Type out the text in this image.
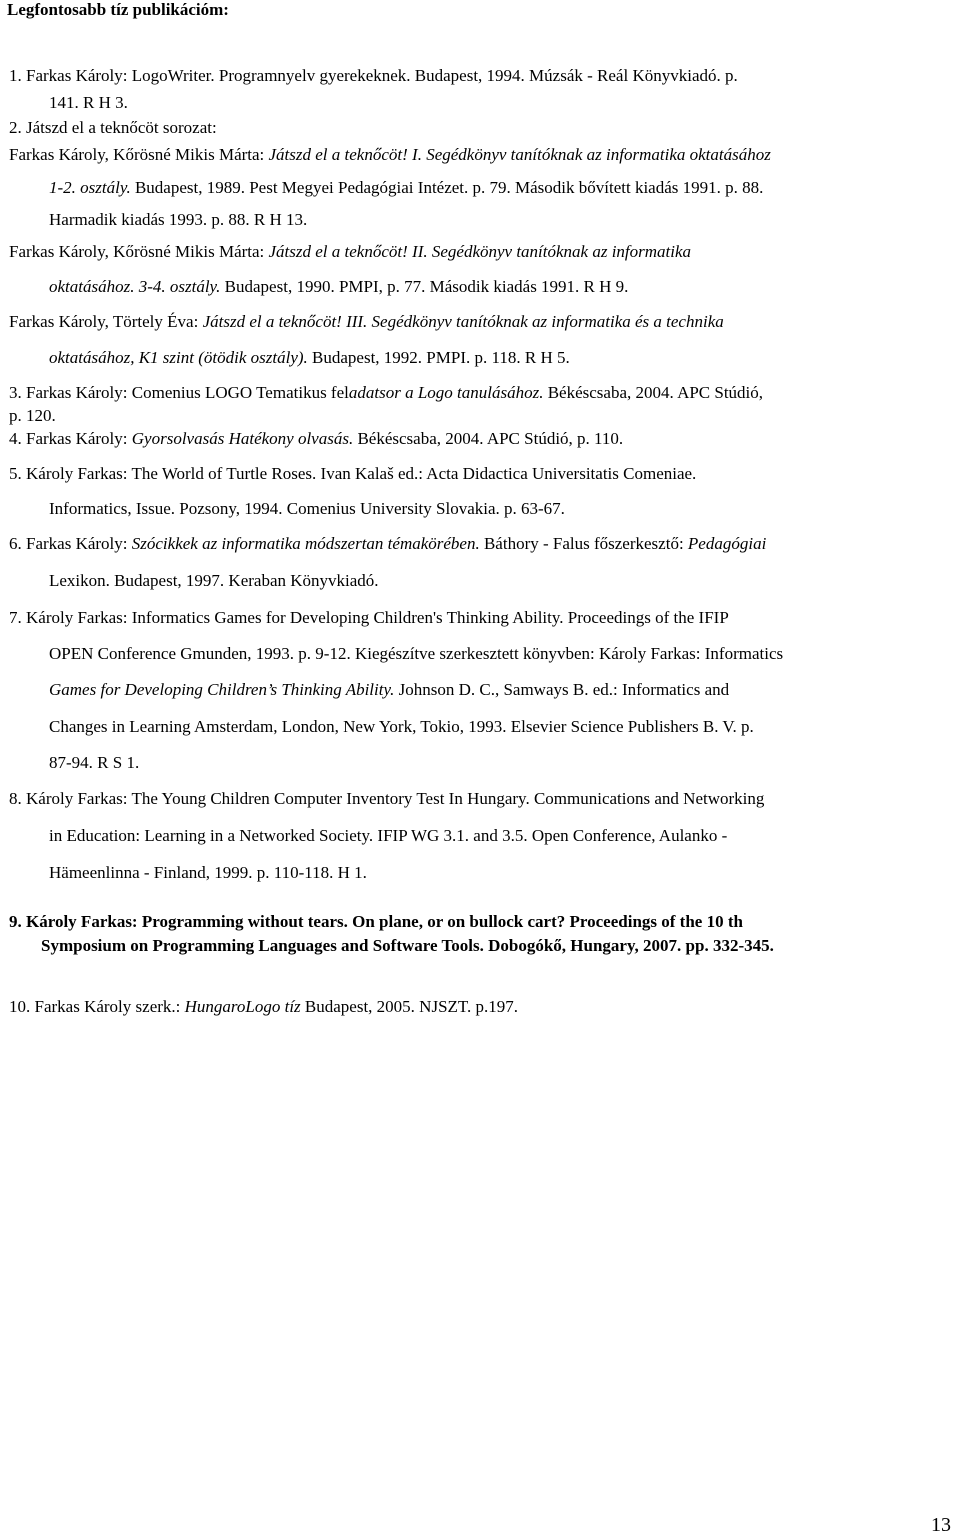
Legfontosabb tíz publikációm:
1. Farkas Károly: LogoWriter. Programnyelv gyerekeknek. Budapest, 1994. Múzsák - Reál Könyvkiadó. p.
141. R H 3.
2. Játszd el a teknőcöt sorozat:
Farkas Károly, Kőrösné Mikis Márta: Játszd el a teknőcöt! I. Segédkönyv tanítóknak az informatika oktatásához
1-2. osztály. Budapest, 1989. Pest Megyei Pedagógiai Intézet. p. 79. Második bővített kiadás 1991. p. 88.
Harmadik kiadás 1993. p. 88. R H 13.
Farkas Károly, Kőrösné Mikis Márta: Játszd el a teknőcöt! II. Segédkönyv tanítóknak az informatika
oktatásához. 3-4. osztály. Budapest, 1990. PMPI, p. 77. Második kiadás 1991. R H 9.
Farkas Károly, Törtely Éva: Játszd el a teknőcöt! III. Segédkönyv tanítóknak az informatika és a technika
oktatásához, K1 szint (ötödik osztály). Budapest, 1992. PMPI. p. 118. R H 5.
3. Farkas Károly: Comenius LOGO Tematikus feladatsor a Logo tanulásához. Békéscsaba, 2004. APC Stúdió,
p. 120.
4. Farkas Károly: Gyorsolvasás Hatékony olvasás. Békéscsaba, 2004. APC Stúdió, p. 110.
5. Károly Farkas: The World of Turtle Roses. Ivan Kalaš ed.: Acta Didactica Universitatis Comeniae.
Informatics, Issue. Pozsony, 1994. Comenius University Slovakia. p. 63-67.
6. Farkas Károly: Szócikkek az informatika módszertan témakörében. Báthory - Falus főszerkesztő: Pedagógiai
Lexikon. Budapest, 1997. Keraban Könyvkiadó.
7. Károly Farkas: Informatics Games for Developing Children's Thinking Ability. Proceedings of the IFIP
OPEN Conference Gmunden, 1993. p. 9-12. Kiegészítve szerkesztett könyvben: Károly Farkas: Informatics
Games for Developing Children’s Thinking Ability. Johnson D. C., Samways B. ed.: Informatics and
Changes in Learning Amsterdam, London, New York, Tokio, 1993. Elsevier Science Publishers B. V. p.
87-94. R S 1.
8. Károly Farkas: The Young Children Computer Inventory Test In Hungary. Communications and Networking
in Education: Learning in a Networked Society. IFIP WG 3.1. and 3.5. Open Conference, Aulanko -
Hämeenlinna - Finland, 1999. p. 110-118. H 1.
9. Károly Farkas: Programming without tears. On plane, or on bullock cart? Proceedings of the 10 th
Symposium on Programming Languages and Software Tools. Dobogókő, Hungary, 2007. pp. 332-345.
10. Farkas Károly szerk.: HungaroLogo tíz Budapest, 2005. NJSZT. p.197.
13
